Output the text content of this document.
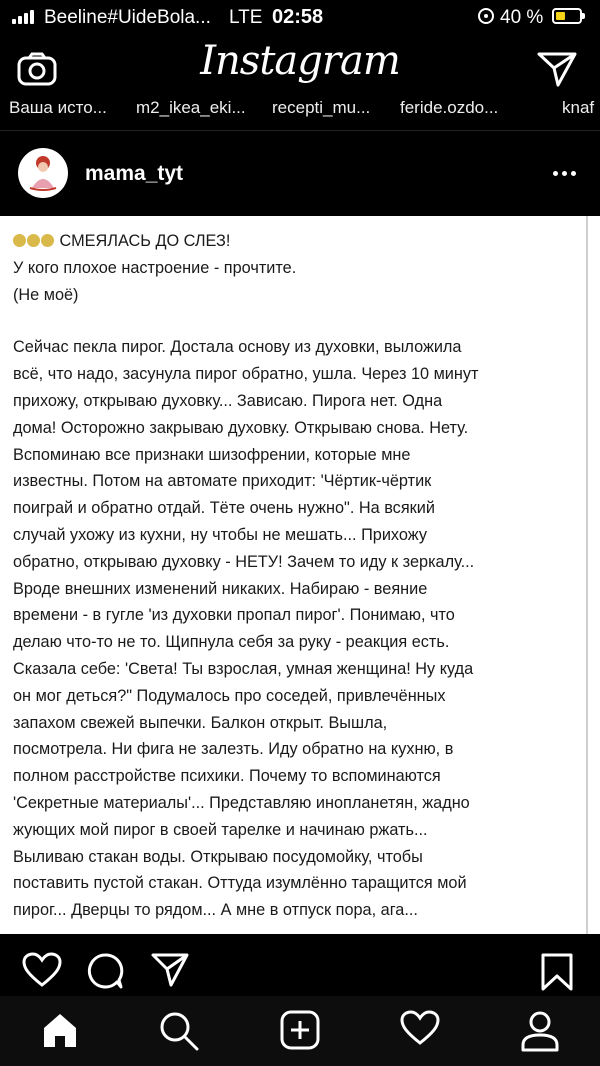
Beeline#UideBola... LTE 02:58	40 %
Instagram
Ваша исто... m2_ikea_eki... recepti_mu... feride.ozdo...	knaf
mama_tyt
СМЕЯЛАСЬ ДО СЛЕЗ!
У кого плохое настроение - прочтите.
(Не моё)
Сейчас пекла пирог. Достала основу из духовки, выложила
всё, что надо, засунула пирог обратно, ушла. Через 10 минут
прихожу, открываю духовку... Зависаю. Пирога нет. Одна
дома! Осторожно закрываю духовку. Открываю снова. Нету.
Вспоминаю все признаки шизофрении, которые мне
известны. Потом на автомате приходит: 'Чёртик-чёртик
поиграй и обратно отдай. Тёте очень нужно". На всякий
случай ухожу из кухни, ну чтобы не мешать... Прихожу
обратно, открываю духовку - НЕТУ! Зачем то иду к зеркалу...
Вроде внешних изменений никаких. Набираю - веяние
времени - в гугле 'из духовки пропал пирог'. Понимаю, что
делаю что-то не то. Щипнула себя за руку - реакция есть.
Сказала себе: 'Света! Ты взрослая, умная женщина! Ну куда
он мог деться?" Подумалось про соседей, привлечённых
запахом свежей выпечки. Балкон открыт. Вышла,
посмотрела. Ни фига не залезть. Иду обратно на кухню, в
полном расстройстве психики. Почему то вспоминаются
'Секретные материалы'... Представляю инопланетян, жадно
жующих мой пирог в своей тарелке и начинаю ржать...
Выливаю стакан воды. Открываю посудомойку, чтобы
поставить пустой стакан. Оттуда изумлённо таращится мой
пирог... Дверцы то рядом... А мне в отпуск пора, ага...
